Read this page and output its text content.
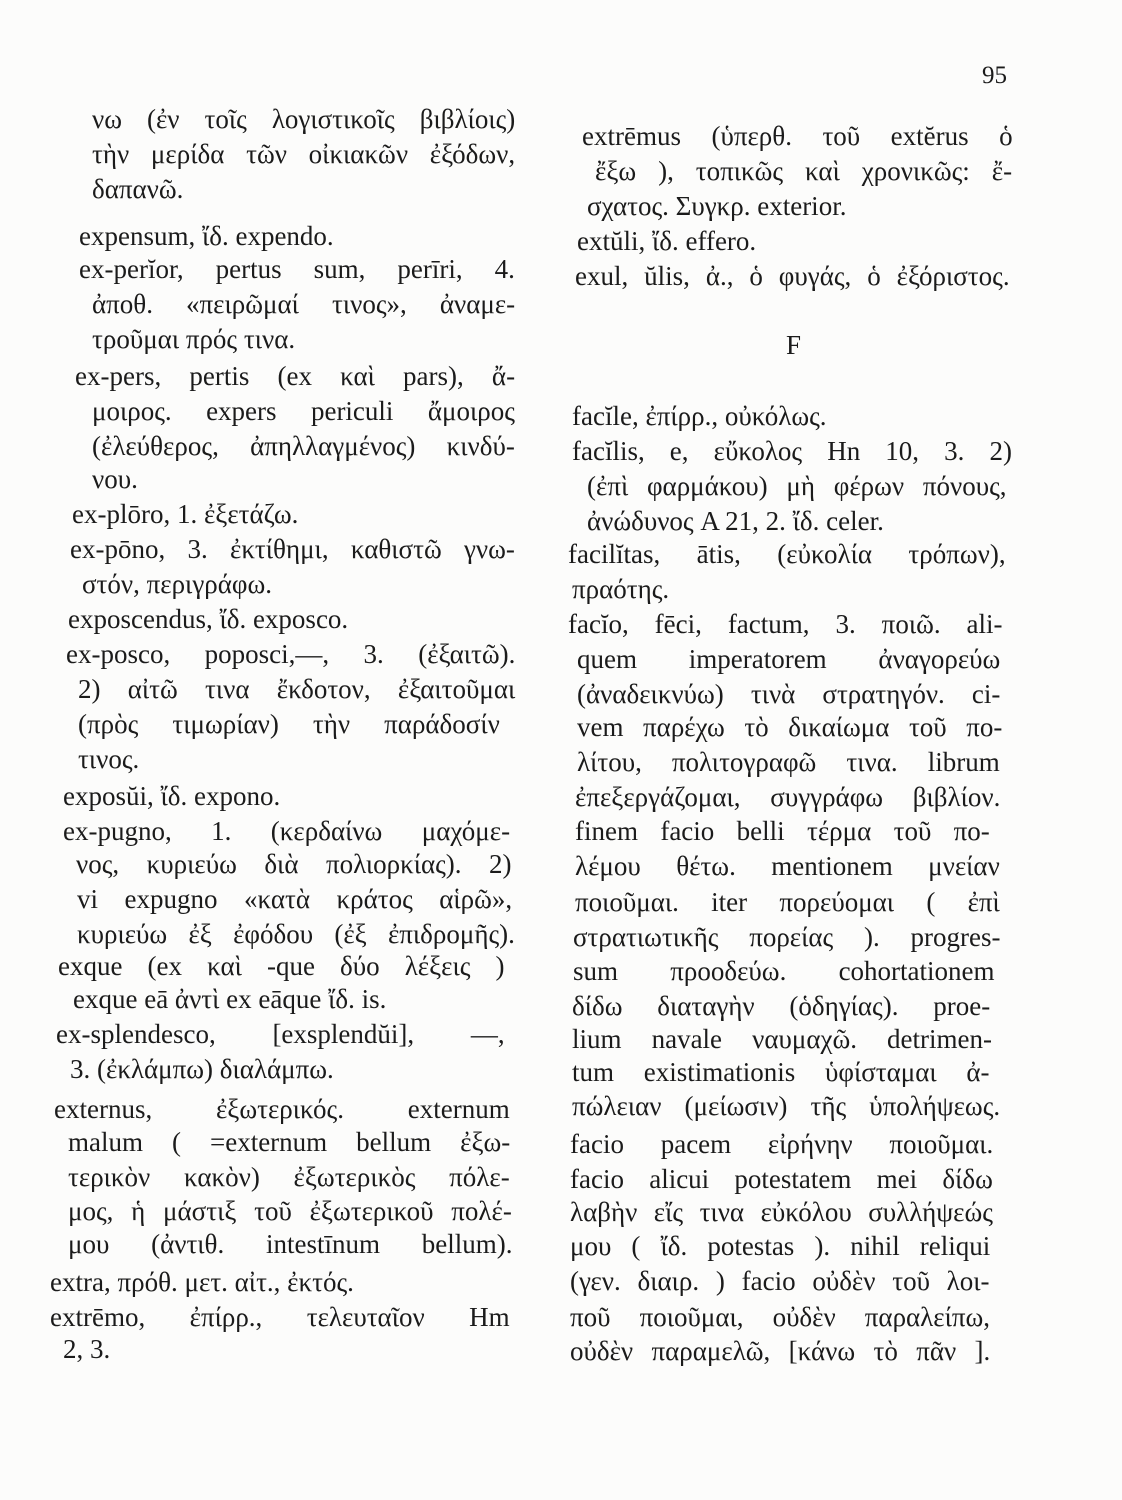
95
F
νω (ἐν τοῖς λογιστικοῖς βιβλίοις)
τὴν μερίδα τῶν οἰκιακῶν ἐξόδων,
δαπανῶ.
expensum, ἴδ. expendo.
ex-perĭor, pertus sum, perīri, 4.
ἀποθ. «πειρῶμαί τινος», ἀναμε-
τροῦμαι πρός τινα.
ex-pers, pertis (ex καὶ pars), ἄ-
μοιρος. expers periculi ἄμοιρος
(ἐλεύθερος, ἀπηλλαγμένος) κινδύ-
νου.
ex-plōro, 1. ἐξετάζω.
ex-pōno, 3. ἐκτίθημι, καθιστῶ γνω-
στόν, περιγράφω.
exposcendus, ἴδ. exposco.
ex-posco, poposci,—, 3. (ἐξαιτῶ).
2) αἰτῶ τινα ἔκδοτον, ἐξαιτοῦμαι
(πρὸς τιμωρίαν) τὴν παράδοσίν
τινος.
exposŭi, ἴδ. expono.
ex-pugno, 1. (κερδαίνω μαχόμε-
νος, κυριεύω διὰ πολιορκίας). 2)
vi expugno «κατὰ κράτος αἱρῶ»,
κυριεύω ἐξ ἐφόδου (ἐξ ἐπιδρομῆς).
exque (ex καὶ -que δύο λέξεις )
exque eā ἀντὶ ex eāque ἴδ. is.
ex-splendesco, [exsplendŭi], —,
3. (ἐκλάμπω) διαλάμπω.
externus, ἐξωτερικός. externum
malum ( =externum bellum ἐξω-
τερικὸν κακὸν) ἐξωτερικὸς πόλε-
μος, ἡ μάστιξ τοῦ ἐξωτερικοῦ πολέ-
μου (ἀντιθ. intestīnum bellum).
extra, πρόθ. μετ. αἰτ., ἐκτός.
extrēmo, ἐπίρρ., τελευταῖον Hm
2, 3.
extrēmus (ὑπερθ. τοῦ extĕrus ὁ
ἔξω ), τοπικῶς καὶ χρονικῶς: ἔ-
σχατος. Συγκρ. exterior.
extŭli, ἴδ. effero.
exul, ŭlis, ἀ., ὁ φυγάς, ὁ ἐξόριστος.
facĭle, ἐπίρρ., οὐκόλως.
facĭlis, e, εὔκολος Hn 10, 3. 2)
(ἐπὶ φαρμάκου) μὴ φέρων πόνους,
ἀνώδυνος A 21, 2. ἴδ. celer.
facilĭtas, ātis, (εὐκολία τρόπων),
πραότης.
facĭo, fēci, factum, 3. ποιῶ. ali-
quem imperatorem ἀναγορεύω
(ἀναδεικνύω) τινὰ στρατηγόν. ci-
vem παρέχω τὸ δικαίωμα τοῦ πο-
λίτου, πολιτογραφῶ τινα. librum
ἐπεξεργάζομαι, συγγράφω βιβλίον.
finem facio belli τέρμα τοῦ πο-
λέμου θέτω. mentionem μνείαν
ποιοῦμαι. iter πορεύομαι ( ἐπὶ
στρατιωτικῆς πορείας ). progres-
sum προοδεύω. cohortationem
δίδω διαταγὴν (ὁδηγίας). proe-
lium navale ναυμαχῶ. detrimen-
tum existimationis ὑφίσταμαι ἀ-
πώλειαν (μείωσιν) τῆς ὑπολήψεως.
facio pacem εἰρήνην ποιοῦμαι.
facio alicui potestatem mei δίδω
λαβὴν εἴς τινα εὐκόλου συλλήψεώς
μου ( ἴδ. potestas ). nihil reliqui
(γεν. διαιρ. ) facio οὐδὲν τοῦ λοι-
ποῦ ποιοῦμαι, οὐδὲν παραλείπω,
οὐδὲν παραμελῶ, [κάνω τὸ πᾶν ].
